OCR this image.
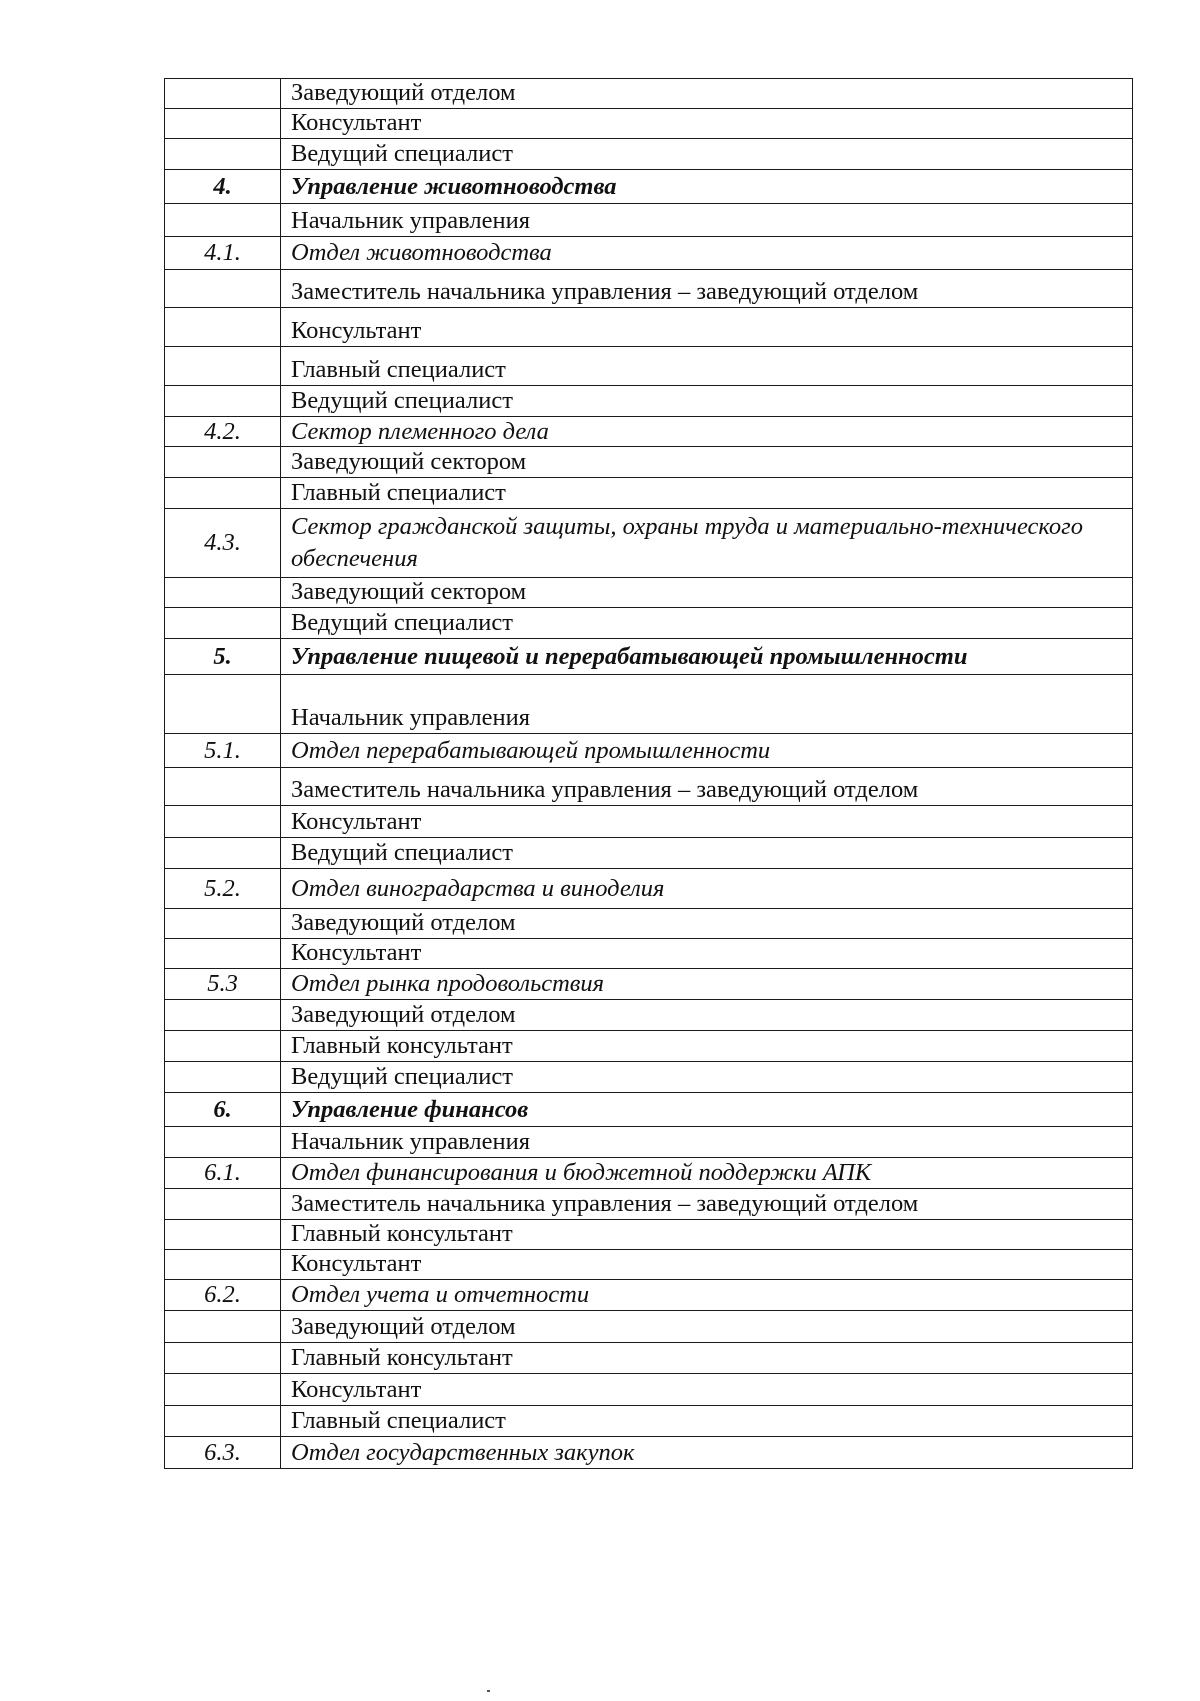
	Заведующий отделом
	Консультант
	Ведущий специалист
4.	Управление животноводства
	Начальник управления
4.1.	Отдел животноводства
	Заместитель начальника управления – заведующий отделом
	Консультант
	Главный специалист
	Ведущий специалист
4.2.	Сектор племенного дела
	Заведующий сектором
	Главный специалист
4.3.	Сектор гражданской защиты, охраны труда и материально-технического обеспечения
	Заведующий сектором
	Ведущий специалист
5.	Управление пищевой и перерабатывающей промышленности
	Начальник управления
5.1.	Отдел перерабатывающей промышленности
	Заместитель начальника управления – заведующий отделом
	Консультант
	Ведущий специалист
5.2.	Отдел виноградарства и виноделия
	Заведующий отделом
	Консультант
5.3	Отдел рынка продовольствия
	Заведующий отделом
	Главный консультант
	Ведущий специалист
6.	Управление финансов
	Начальник управления
6.1.	Отдел финансирования и бюджетной поддержки АПК
	Заместитель начальника управления – заведующий отделом
	Главный консультант
	Консультант
6.2.	Отдел учета и отчетности
	Заведующий отделом
	Главный консультант
	Консультант
	Главный специалист
6.3.	Отдел государственных закупок
